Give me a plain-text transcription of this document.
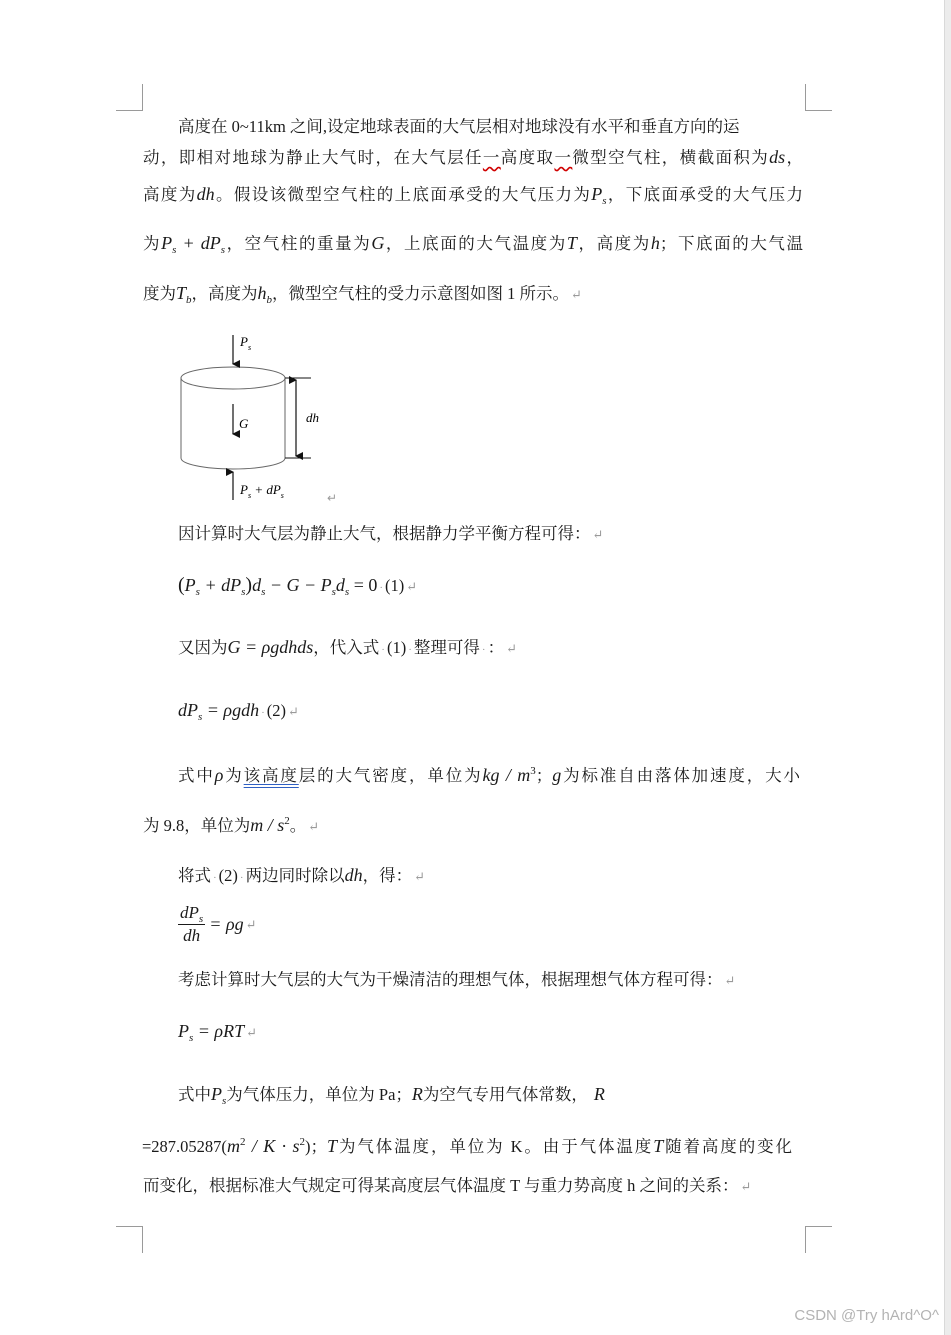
高度在 0~11km 之间,设定地球表面的大气层相对地球没有水平和垂直方向的运
动，即相对地球为静止大气时，在大气层任一高度取一微型空气柱，横截面积为ds，
高度为dh。假设该微型空气柱的上底面承受的大气压力为$P_s$，下底面承受的大气压力
为$P_s + dP_s$，空气柱的重量为G，上底面的大气温度为T，高度为h；下底面的大气温
度为$T_b$，高度为$h_b$，微型空气柱的受力示意图如图 1 所示。 ↵
$P_s$
G
$P_s + dP_s$
dh
↵
因计算时大气层为静止大气，根据静力学平衡方程可得： ↵
$(P_s + dP_s)d_s - G - P_sd_s = 0 \cdot (1)$ ↵
又因为G = ρgdhds，代入式 · (1) · 整理可得 · ： ↵
$dP_s = \rho gdh \cdot (2)$ ↵
式中ρ为该高度层的大气密度，单位为kg / $m^3$；g为标准自由落体加速度，大小
为 9.8，单位为m / $s^2$。 ↵
将式 · (2) · 两边同时除以dh，得： ↵
$\frac{dP_s}{dh} = \rho g$ ↵
考虑计算时大气层的大气为干燥清洁的理想气体，根据理想气体方程可得： ↵
$P_s = \rho RT$ ↵
式中$P_s$为气体压力，单位为 Pa；R为空气专用气体常数， R
$=287.05287(m^2 / K \cdot s^2)$；T为气体温度，单位为 K。由于气体温度T随着高度的变化
而变化，根据标准大气规定可得某高度层气体温度 T 与重力势高度 h 之间的关系： ↵
CSDN @Try hArd^O^
